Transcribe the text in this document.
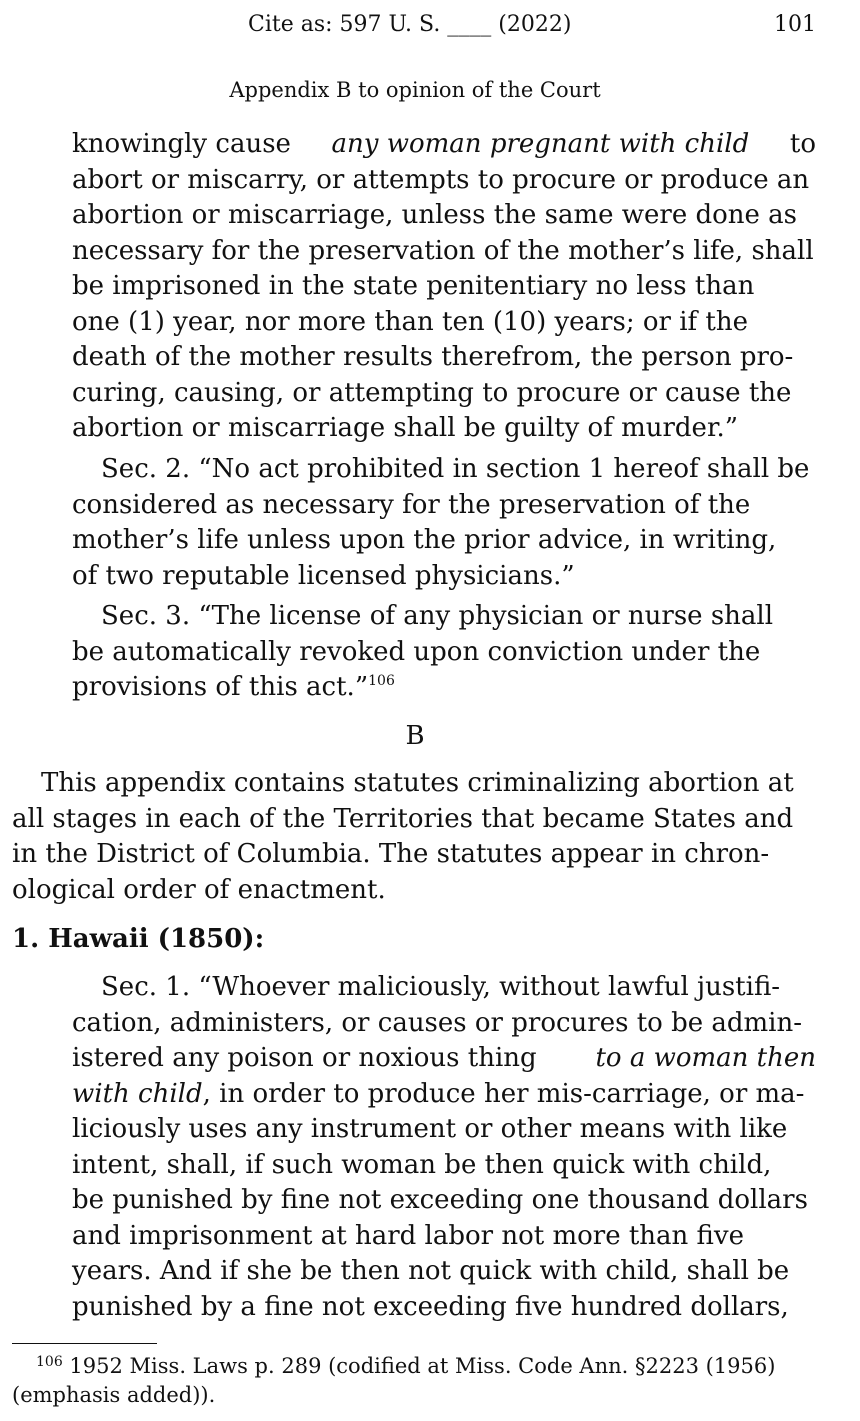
Cite as: 597 U. S. ____ (2022)	101
Appendix B to opinion of the Court
knowingly cause any woman pregnant with child to
abort or miscarry, or attempts to procure or produce an
abortion or miscarriage, unless the same were done as
necessary for the preservation of the mother’s life, shall
be imprisoned in the state penitentiary no less than
one (1) year, nor more than ten (10) years; or if the
death of the mother results therefrom, the person pro-
curing, causing, or attempting to procure or cause the
abortion or miscarriage shall be guilty of murder.”
Sec. 2. “No act prohibited in section 1 hereof shall be
considered as necessary for the preservation of the
mother’s life unless upon the prior advice, in writing,
of two reputable licensed physicians.”
Sec. 3. “The license of any physician or nurse shall
be automatically revoked upon conviction under the
provisions of this act.”$^{106}$
B
This appendix contains statutes criminalizing abortion at
all stages in each of the Territories that became States and
in the District of Columbia. The statutes appear in chron-
ological order of enactment.
1. Hawaii (1850):
Sec. 1. “Whoever maliciously, without lawful justifi-
cation, administers, or causes or procures to be admin-
istered any poison or noxious thing to a woman then
with child, in order to produce her mis-carriage, or ma-
liciously uses any instrument or other means with like
intent, shall, if such woman be then quick with child,
be punished by fine not exceeding one thousand dollars
and imprisonment at hard labor not more than five
years. And if she be then not quick with child, shall be
punished by a fine not exceeding five hundred dollars,
$^{106}$ 1952 Miss. Laws p. 289 (codified at Miss. Code Ann. §2223 (1956)
(emphasis added)).
